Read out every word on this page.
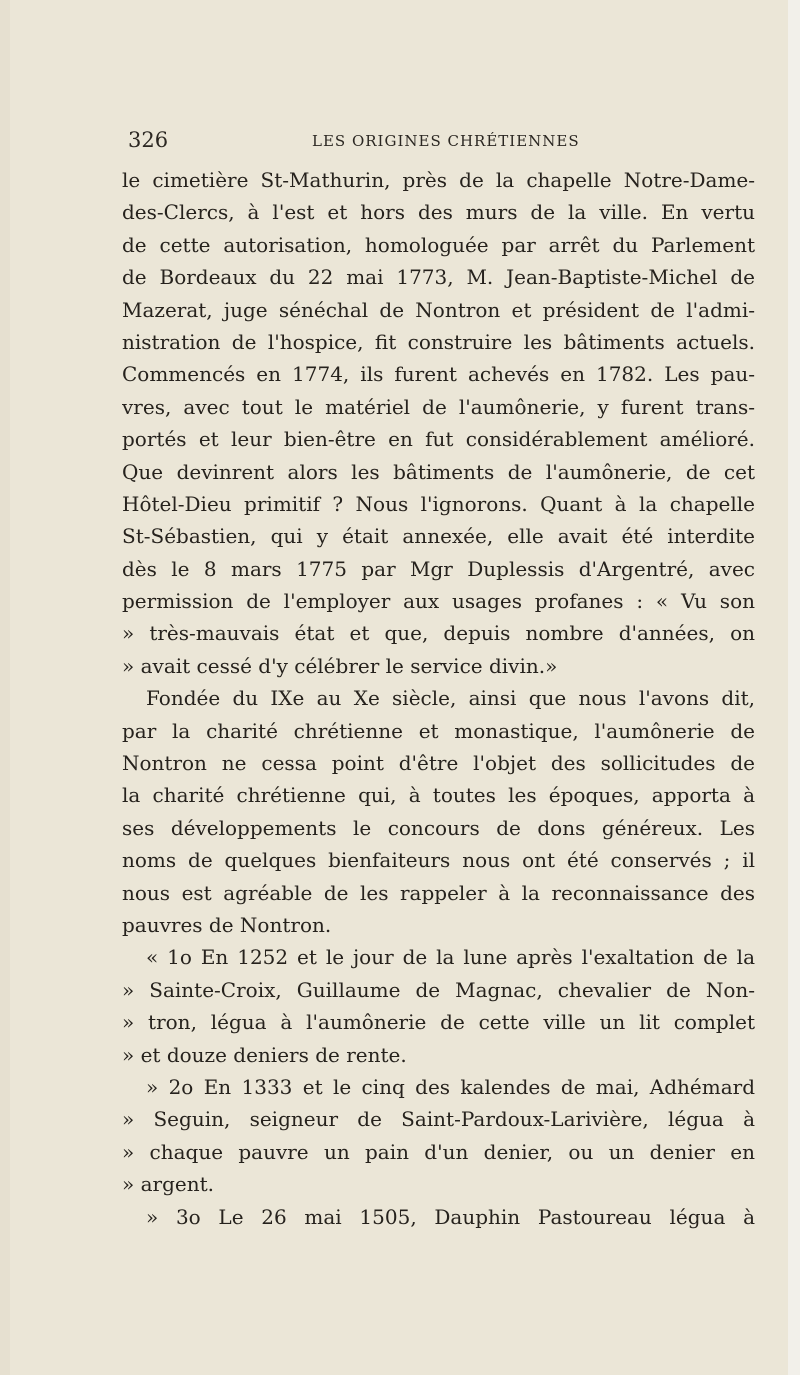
326	LES ORIGINES CHRÉTIENNES
le cimetière St-Mathurin, près de la chapelle Notre-Dame-
des-Clercs, à l'est et hors des murs de la ville. En vertu
de cette autorisation, homologuée par arrêt du Parlement
de Bordeaux du 22 mai 1773, M. Jean-Baptiste-Michel de
Mazerat, juge sénéchal de Nontron et président de l'admi-
nistration de l'hospice, fit construire les bâtiments actuels.
Commencés en 1774, ils furent achevés en 1782. Les pau-
vres, avec tout le matériel de l'aumônerie, y furent trans-
portés et leur bien-être en fut considérablement amélioré.
Que devinrent alors les bâtiments de l'aumônerie, de cet
Hôtel-Dieu primitif ? Nous l'ignorons. Quant à la chapelle
St-Sébastien, qui y était annexée, elle avait été interdite
dès le 8 mars 1775 par Mgr Duplessis d'Argentré, avec
permission de l'employer aux usages profanes : « Vu son
» très-mauvais état et que, depuis nombre d'années, on
» avait cessé d'y célébrer le service divin.»
Fondée du IXe au Xe siècle, ainsi que nous l'avons dit,
par la charité chrétienne et monastique, l'aumônerie de
Nontron ne cessa point d'être l'objet des sollicitudes de
la charité chrétienne qui, à toutes les époques, apporta à
ses développements le concours de dons généreux. Les
noms de quelques bienfaiteurs nous ont été conservés ; il
nous est agréable de les rappeler à la reconnaissance des
pauvres de Nontron.
« 1o En 1252 et le jour de la lune après l'exaltation de la
» Sainte-Croix, Guillaume de Magnac, chevalier de Non-
» tron, légua à l'aumônerie de cette ville un lit complet
» et douze deniers de rente.
» 2o En 1333 et le cinq des kalendes de mai, Adhémard
» Seguin, seigneur de Saint-Pardoux-Larivière, légua à
» chaque pauvre un pain d'un denier, ou un denier en
» argent.
» 3o Le 26 mai 1505, Dauphin Pastoureau légua à
